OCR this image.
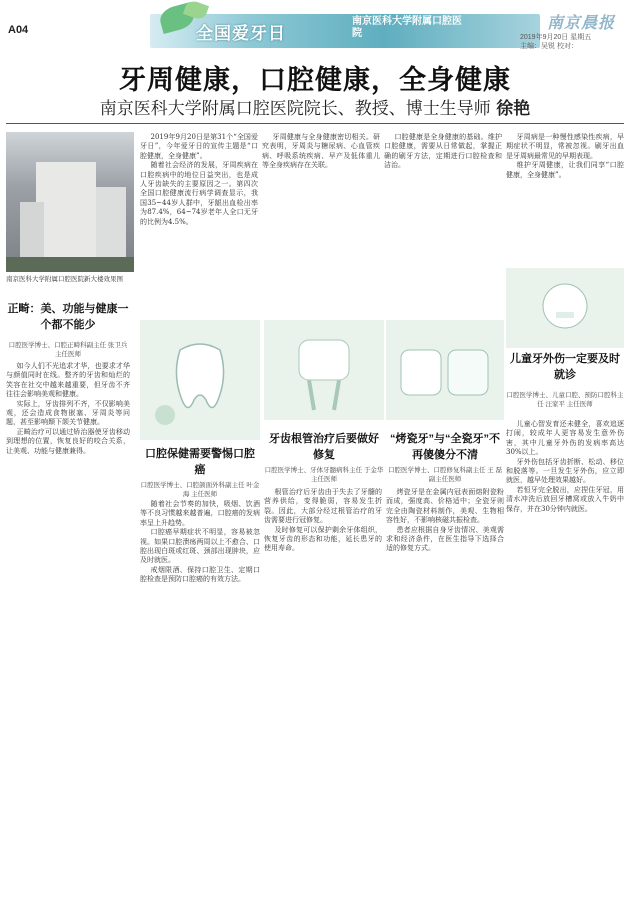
A04	全国爱牙日
南京医科大学附属口腔医院
南京晨报
2019年9月20日 星期五
主编：吴锐 校对：
牙周健康，口腔健康，全身健康
南京医科大学附属口腔医院院长、教授、博士生导师 徐艳
南京医科大学附属口腔医院新大楼效果图

2019年9月20日是第31个“全国爱牙日”，今年爱牙日的宣传主题是“口腔健康，全身健康”。

随着社会经济的发展，牙周疾病在口腔疾病中的地位日益突出，也是成人牙齿缺失的主要原因之一。第四次全国口腔健康流行病学调查显示，我国35~44岁人群中，牙龈出血检出率为87.4%，64~74岁老年人全口无牙的比例为4.5%。

牙周健康与全身健康密切相关。研究表明，牙周炎与糖尿病、心血管疾病、呼吸系统疾病、早产及低体重儿等全身疾病存在关联。

口腔健康是全身健康的基础。维护口腔健康，需要从日常做起，掌握正确的刷牙方法，定期进行口腔检查和洁治。

牙周病是一种慢性感染性疾病，早期症状不明显，常被忽视。刷牙出血是牙周病最常见的早期表现。

维护牙周健康，让我们同享“口腔健康，全身健康”。

正畸：美、功能与健康一个都不能少
口腔医学博士、口腔正畸科副主任 张卫兵 主任医师

如今人们不光追求才华，也要求才华与颜值同时在线。整齐的牙齿和灿烂的笑容在社交中越来越重要，但牙齿不齐往往会影响美观和健康。

实际上，牙齿排列不齐，不仅影响美观，还会造成食物嵌塞、牙周炎等问题，甚至影响颞下颌关节健康。

正畸治疗可以通过矫治器使牙齿移动到理想的位置，恢复良好的咬合关系，让美观、功能与健康兼得。	口腔保健需要警惕口腔癌
口腔医学博士、口腔颌面外科副主任 叶金海 主任医师

随着社会节奏的加快，吸烟、饮酒等不良习惯越来越普遍，口腔癌的发病率呈上升趋势。

口腔癌早期症状不明显，容易被忽视。如果口腔溃疡两周以上不愈合、口腔出现白斑或红斑、颈部出现肿块，应及时就医。

戒烟限酒、保持口腔卫生、定期口腔检查是预防口腔癌的有效方法。

牙齿根管治疗后要做好修复
口腔医学博士、牙体牙髓病科主任 于金华 主任医师

根管治疗后牙齿由于失去了牙髓的营养供给，变得脆弱，容易发生折裂。因此，大部分经过根管治疗的牙齿需要进行冠修复。

及时修复可以保护剩余牙体组织，恢复牙齿的形态和功能，延长患牙的使用寿命。

“烤瓷牙”与“全瓷牙”不再傻傻分不清
口腔医学博士、口腔修复科副主任 王 磊 副主任医师

烤瓷牙是在金属内冠表面熔附瓷粉而成，强度高、价格适中；全瓷牙则完全由陶瓷材料制作，美观、生物相容性好，不影响核磁共振检查。

患者应根据自身牙齿情况、美观需求和经济条件，在医生指导下选择合适的修复方式。

儿童牙外伤一定要及时就诊
口腔医学博士、儿童口腔、预防口腔科主任 汪家平 主任医师

儿童心智发育还未健全，喜欢追逐打闹，较成年人更容易发生意外伤害，其中儿童牙外伤的发病率高达30%以上。

牙外伤包括牙齿折断、松动、移位和脱落等。一旦发生牙外伤，应立即就医，越早处理效果越好。

若恒牙完全脱出，应捏住牙冠，用清水冲洗后放回牙槽窝或放入牛奶中保存，并在30分钟内就医。
